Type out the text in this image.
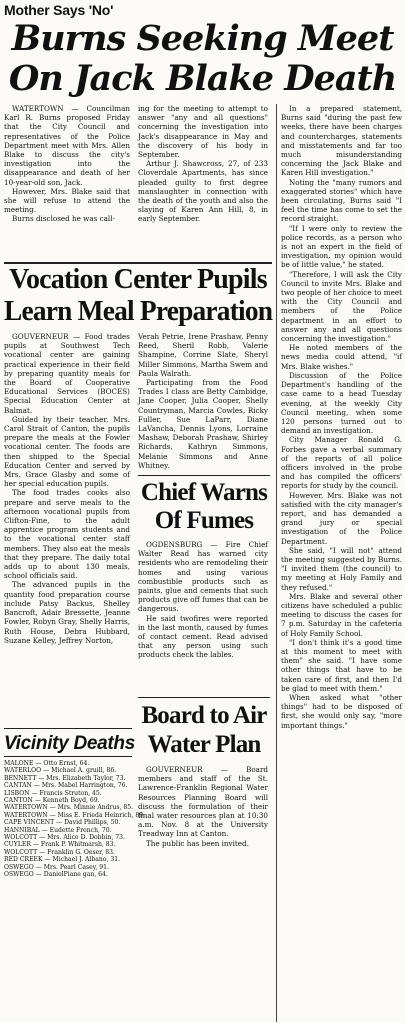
Mother Says 'No'
Burns Seeking Meet
On Jack Blake Death

WATERTOWN — Councilman Karl R. Burns proposed Friday that the City Council and representatives of the Police Department meet with Mrs. Allen Blake to discuss the city's investigation into the disappearance and death of her 10-year-old son, Jack.

However, Mrs. Blake said that she will refuse to attend the meeting.

Burns disclosed he was call-

ing for the meeting to attempt to answer "any and all questions" concerning the investigation into Jack's disappearance in May and the discovery of his body in September.

Arthur J. Shawcross, 27, of 233 Cloverdale Apartments, has since pleaded guilty to first degree manslaughter in connection with the death of the youth and also the slaying of Karen Ann Hill, 8, in early September.

In a prepared statement, Burns said "during the past few weeks, there have been charges and countercharges, statements and misstatements and far too much misunderstanding concerning the Jack Blake and Karen Hill investigation."

Noting the "many rumors and exaggerated stories" which have been circulating, Burns said "I feel the time has come to set the record straight.

"If I were only to review the police records, as a person who is not an expert in the field of investigation, my opinion would be of little value," he stated.

"Therefore, I will ask the City Council to invite Mrs. Blake and two people of her choice to meet with the City Council and members of the Police department in an effort to answer any and all questions concerning the investigation."

He noted members of the news media could attend, "if Mrs. Blake wishes."

Discussion of the Police Department's handling of the case came to a head Tuesday evening, at the weekly City Council meeting, when some 120 persons turned out to demand an investigation.

City Manager Ronald G. Forbes gave a verbal summary of the reports of all police officers involved in the probe and has compiled the officers' reports for study by the council.

However, Mrs. Blake was not satisfied with the city manager's report, and has demanded a grand jury or special investigation of the Police Department.

She said, "I will not" attend the meeting suggested by Burns. "I invited them (the council) to my meeting at Holy Family and they refused."

Mrs. Blake and several other citizens have scheduled a public meeting to discuss the cases for 7 p.m. Saturday in the cafeteria of Holy Family School.

"I don't think it's a good time at this moment to meet with them" she said. "I have some other things that have to be taken care of first, and then I'd be glad to meet with them."

When asked what "other things" had to be disposed of first, she would only say, "more important things."

Vocation Center Pupils
Learn Meal Preparation

GOUVERNEUR — Food trades pupils at Southwest Tech vocational center are gaining practical experience in their field by preparing quantity meals for the Board of Cooperative Educational Services (BOCES) Special Education Center at Balmat.

Guided by their teacher, Mrs. Carol Strait of Canton, the pupils prepare the meals at the Fowler vocational center. The foods are then shipped to the Special Education Center and served by Mrs. Grace Glasby and some of her special education pupils.

The food trades cooks also prepare and serve meals to the afternoon vocational pupils from Clifton-Fine, to the adult apprentice program students and to the vocational center staff members. They also eat the meals that they prepare. The daily total adds up to about 130 meals, school officials said.

The advanced pupils in the quantity food preparation course include Patsy Backus, Shelley Bancroft, Adair Bressette, Jeanne Fowler, Robyn Gray, Shelly Harris, Ruth House, Debra Hubbard, Suzane Kelley, Jeffrey Norton,

Verah Petrie, Irene Prashaw, Penny Reed, Sheril Robb, Valerie Shampine, Corrine Slate, Sheryl Miller Simmons, Martha Swem and Paula Walrath.

Participating from the Food Trades I class are Betty Cambidge, Jane Cooper, Julia Cooper, Shelly Countryman, Marcia Cowles, Ricky Fuller, Sue LaParr, Diane LaVancha, Dennis Lyons, Lorraine Mashaw, Deborah Prashaw, Shirley Richards, Kathryn Simmons, Melanie Simmons and Anne Whitney.

Chief Warns
Of Fumes

OGDENSBURG — Fire Chief Walter Read has warned city residents who are remodeling their homes and using various combustible products such as paints, glue and cements that such products give off fumes that can be dangerous.

He said twofires were reported in the last month, caused by fumes of contact cement. Read advised that any person using such products check the lables.

Board to Air
Water Plan

GOUVERNEUR — Board members and staff of the St. Lawrence-Franklin Regional Water Resources Planning Board will discuss the formulation of their final water resources plan at 10:30 a.m. Nov. 8 at the University Treadway Inn at Canton.

The public has been invited.

Vicinity Deaths
MALONE — Otto Ernst, 64.
WATERLOO — Michael A. gruill, 86.
BENNETT — Mrs. Elizabeth Taylor, 73.
CANTAN — Mrs. Mabel Harrington, 76.
LISBON — Francis Struton, 45.
CANTON — Kenneth Boyd, 69.
WATERTOWN — Mrs. Minnie Andrus, 85.
WATERTOWN — Miss E. Frieda Heinrich, 89.
CAPE VINCENT — David Phillips, 50.
HANNIBAL — Eudette French, 70.
WOLCOTT — Mrs. Alice D. Dobbin, 73.
CUYLER — Frank P. Whitmarsh, 83.
WOLCOTT — Franklin G. Oeser, 83.
RED CREEK — Michael J. Albano, 31.
OSWEGO — Mrs. Pearl Casey, 91.
OSWEGO — DanielPiane gan, 64.
